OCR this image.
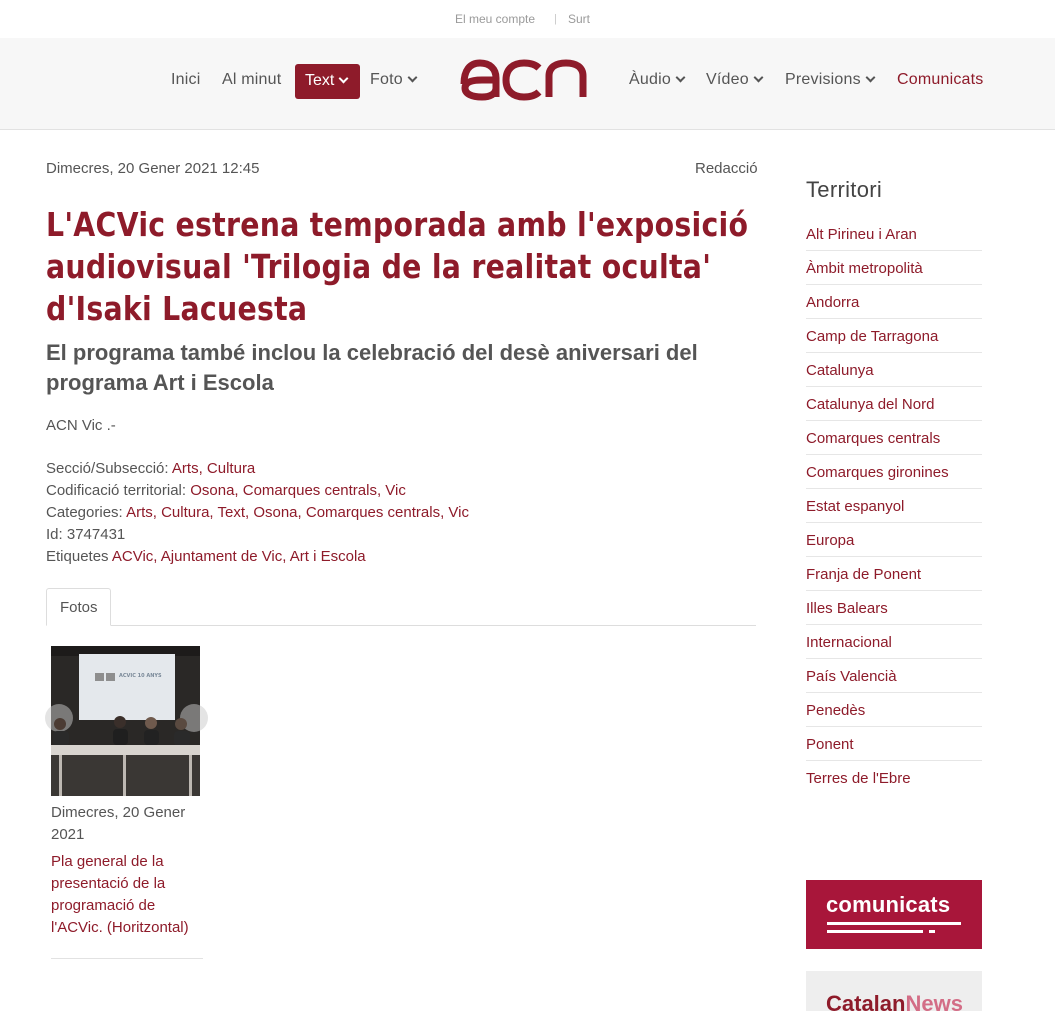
El meu compte | Surt
Inici Al minut	Text	Foto	Àudio	Vídeo	Previsions	Comunicats
Dimecres, 20 Gener 2021 12:45	Redacció
L'ACVic estrena temporada amb l'exposició audiovisual 'Trilogia de la realitat oculta' d'Isaki Lacuesta
El programa també inclou la celebració del desè aniversari del programa Art i Escola
ACN Vic .-
Secció/Subsecció: Arts, Cultura
Codificació territorial: Osona, Comarques centrals, Vic
Categories: Arts, Cultura, Text, Osona, Comarques centrals, Vic
Id: 3747431
Etiquetes ACVic, Ajuntament de Vic, Art i Escola
Fotos
ACVIC 10 ANYS
Dimecres, 20 Gener 2021
Pla general de la presentació de la programació de l'ACVic. (Horitzontal)
Territori
Alt Pirineu i Aran
Àmbit metropolità
Andorra
Camp de Tarragona
Catalunya
Catalunya del Nord
Comarques centrals
Comarques gironines
Estat espanyol
Europa
Franja de Ponent
Illes Balears
Internacional
País Valencià
Penedès
Ponent
Terres de l'Ebre
comunicats
CatalanNews
